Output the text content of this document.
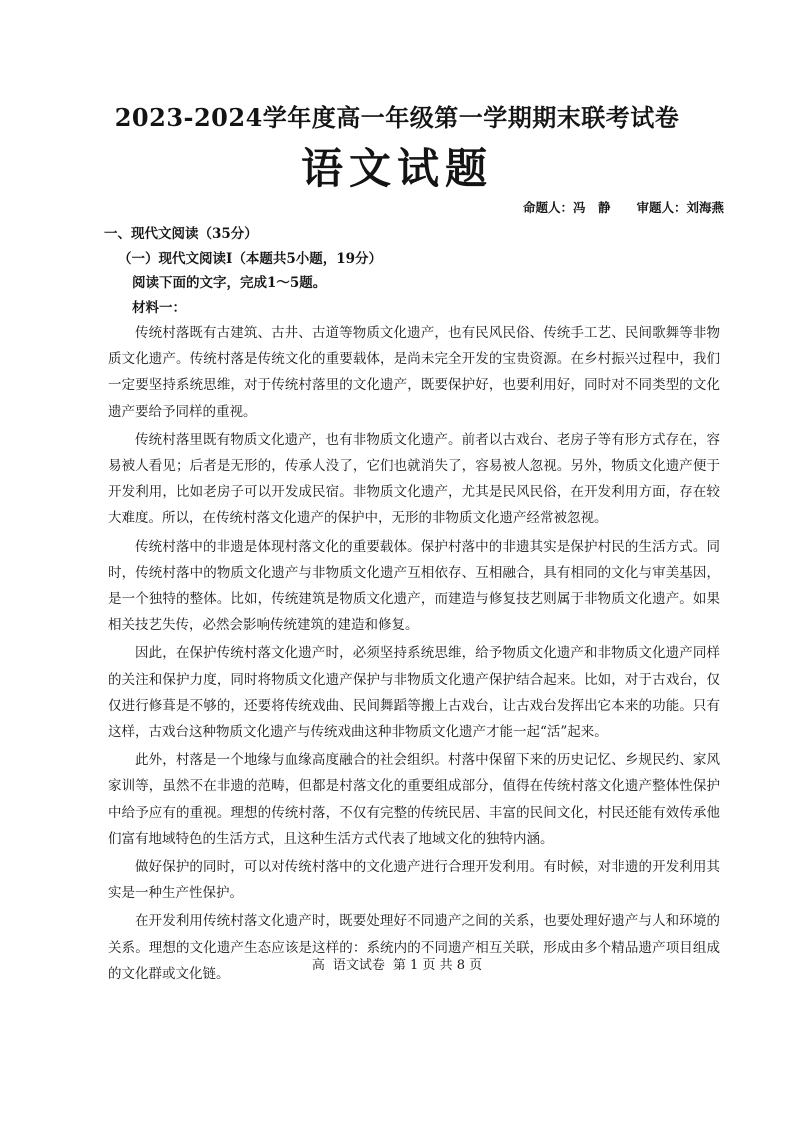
2023-2024学年度高一年级第一学期期末联考试卷
语文试题
命题人：冯　静 审题人：刘海燕
一、现代文阅读（35分）
（一）现代文阅读Ⅰ（本题共5小题，19分）
阅读下面的文字，完成1～5题。
材料一：

传统村落既有古建筑、古井、古道等物质文化遗产，也有民风民俗、传统手工艺、民间歌舞等非物质文化遗产。传统村落是传统文化的重要载体，是尚未完全开发的宝贵资源。在乡村振兴过程中，我们一定要坚持系统思维，对于传统村落里的文化遗产，既要保护好，也要利用好，同时对不同类型的文化遗产要给予同样的重视。

传统村落里既有物质文化遗产，也有非物质文化遗产。前者以古戏台、老房子等有形方式存在，容易被人看见；后者是无形的，传承人没了，它们也就消失了，容易被人忽视。另外，物质文化遗产便于开发利用，比如老房子可以开发成民宿。非物质文化遗产，尤其是民风民俗，在开发利用方面，存在较大难度。所以，在传统村落文化遗产的保护中，无形的非物质文化遗产经常被忽视。

传统村落中的非遗是体现村落文化的重要载体。保护村落中的非遗其实是保护村民的生活方式。同时，传统村落中的物质文化遗产与非物质文化遗产互相依存、互相融合，具有相同的文化与审美基因，是一个独特的整体。比如，传统建筑是物质文化遗产，而建造与修复技艺则属于非物质文化遗产。如果相关技艺失传，必然会影响传统建筑的建造和修复。

因此，在保护传统村落文化遗产时，必须坚持系统思维，给予物质文化遗产和非物质文化遗产同样的关注和保护力度，同时将物质文化遗产保护与非物质文化遗产保护结合起来。比如，对于古戏台，仅仅进行修葺是不够的，还要将传统戏曲、民间舞蹈等搬上古戏台，让古戏台发挥出它本来的功能。只有这样，古戏台这种物质文化遗产与传统戏曲这种非物质文化遗产才能一起“活”起来。

此外，村落是一个地缘与血缘高度融合的社会组织。村落中保留下来的历史记忆、乡规民约、家风家训等，虽然不在非遗的范畴，但都是村落文化的重要组成部分，值得在传统村落文化遗产整体性保护中给予应有的重视。理想的传统村落，不仅有完整的传统民居、丰富的民间文化，村民还能有效传承他们富有地域特色的生活方式，且这种生活方式代表了地域文化的独特内涵。

做好保护的同时，可以对传统村落中的文化遗产进行合理开发利用。有时候，对非遗的开发利用其实是一种生产性保护。

在开发利用传统村落文化遗产时，既要处理好不同遗产之间的关系，也要处理好遗产与人和环境的关系。理想的文化遗产生态应该是这样的：系统内的不同遗产相互关联，形成由多个精品遗产项目组成的文化群或文化链。

高 语文试卷 第 1 页 共 8 页
